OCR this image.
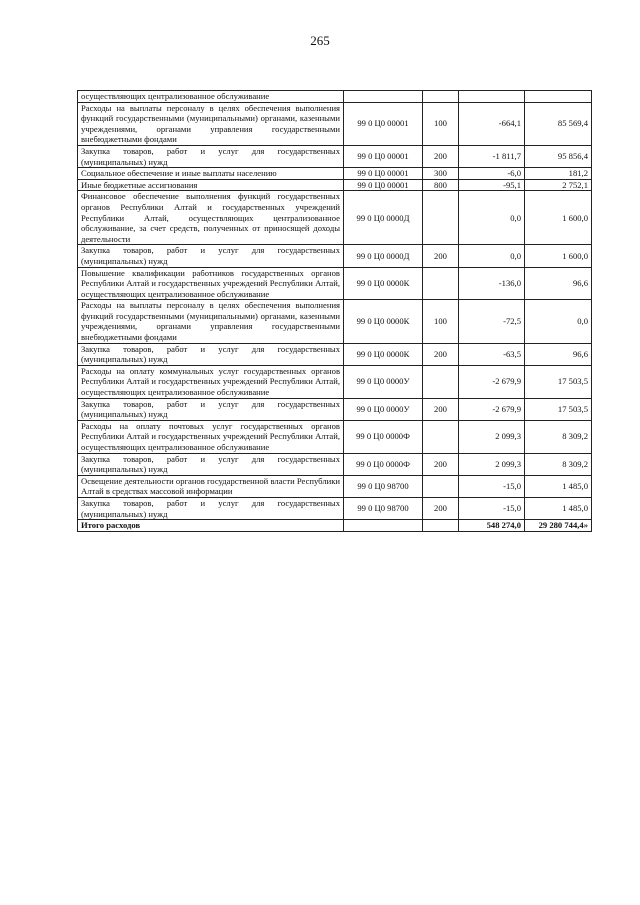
265
осуществляющих централизованное обслуживание				
Расходы на выплаты персоналу в целях обеспечения выполнения функций государственными (муниципальными) органами, казенными учреждениями, органами управления государственными внебюджетными фондами	99 0 Ц0 00001	100	-664,1	85 569,4
Закупка товаров, работ и услуг для государственных (муниципальных) нужд	99 0 Ц0 00001	200	-1 811,7	95 856,4
Социальное обеспечение и иные выплаты населению	99 0 Ц0 00001	300	-6,0	181,2
Иные бюджетные ассигнования	99 0 Ц0 00001	800	-95,1	2 752,1
Финансовое обеспечение выполнения функций государственных органов Республики Алтай и государственных учреждений Республики Алтай, осуществляющих централизованное обслуживание, за счет средств, полученных от приносящей доходы деятельности	99 0 Ц0 0000Д		0,0	1 600,0
Закупка товаров, работ и услуг для государственных (муниципальных) нужд	99 0 Ц0 0000Д	200	0,0	1 600,0
Повышение квалификации работников государственных органов Республики Алтай и государственных учреждений Республики Алтай, осуществляющих централизованное обслуживание	99 0 Ц0 0000К		-136,0	96,6
Расходы на выплаты персоналу в целях обеспечения выполнения функций государственными (муниципальными) органами, казенными учреждениями, органами управления государственными внебюджетными фондами	99 0 Ц0 0000К	100	-72,5	0,0
Закупка товаров, работ и услуг для государственных (муниципальных) нужд	99 0 Ц0 0000К	200	-63,5	96,6
Расходы на оплату коммунальных услуг государственных органов Республики Алтай и государственных учреждений Республики Алтай, осуществляющих централизованное обслуживание	99 0 Ц0 0000У		-2 679,9	17 503,5
Закупка товаров, работ и услуг для государственных (муниципальных) нужд	99 0 Ц0 0000У	200	-2 679,9	17 503,5
Расходы на оплату почтовых услуг государственных органов Республики Алтай и государственных учреждений Республики Алтай, осуществляющих централизованное обслуживание	99 0 Ц0 0000Ф		2 099,3	8 309,2
Закупка товаров, работ и услуг для государственных (муниципальных) нужд	99 0 Ц0 0000Ф	200	2 099,3	8 309,2
Освещение деятельности органов государственной власти Республики Алтай в средствах массовой информации	99 0 Ц0 98700		-15,0	1 485,0
Закупка товаров, работ и услуг для государственных (муниципальных) нужд	99 0 Ц0 98700	200	-15,0	1 485,0
Итого расходов			548 274,0	29 280 744,4»
